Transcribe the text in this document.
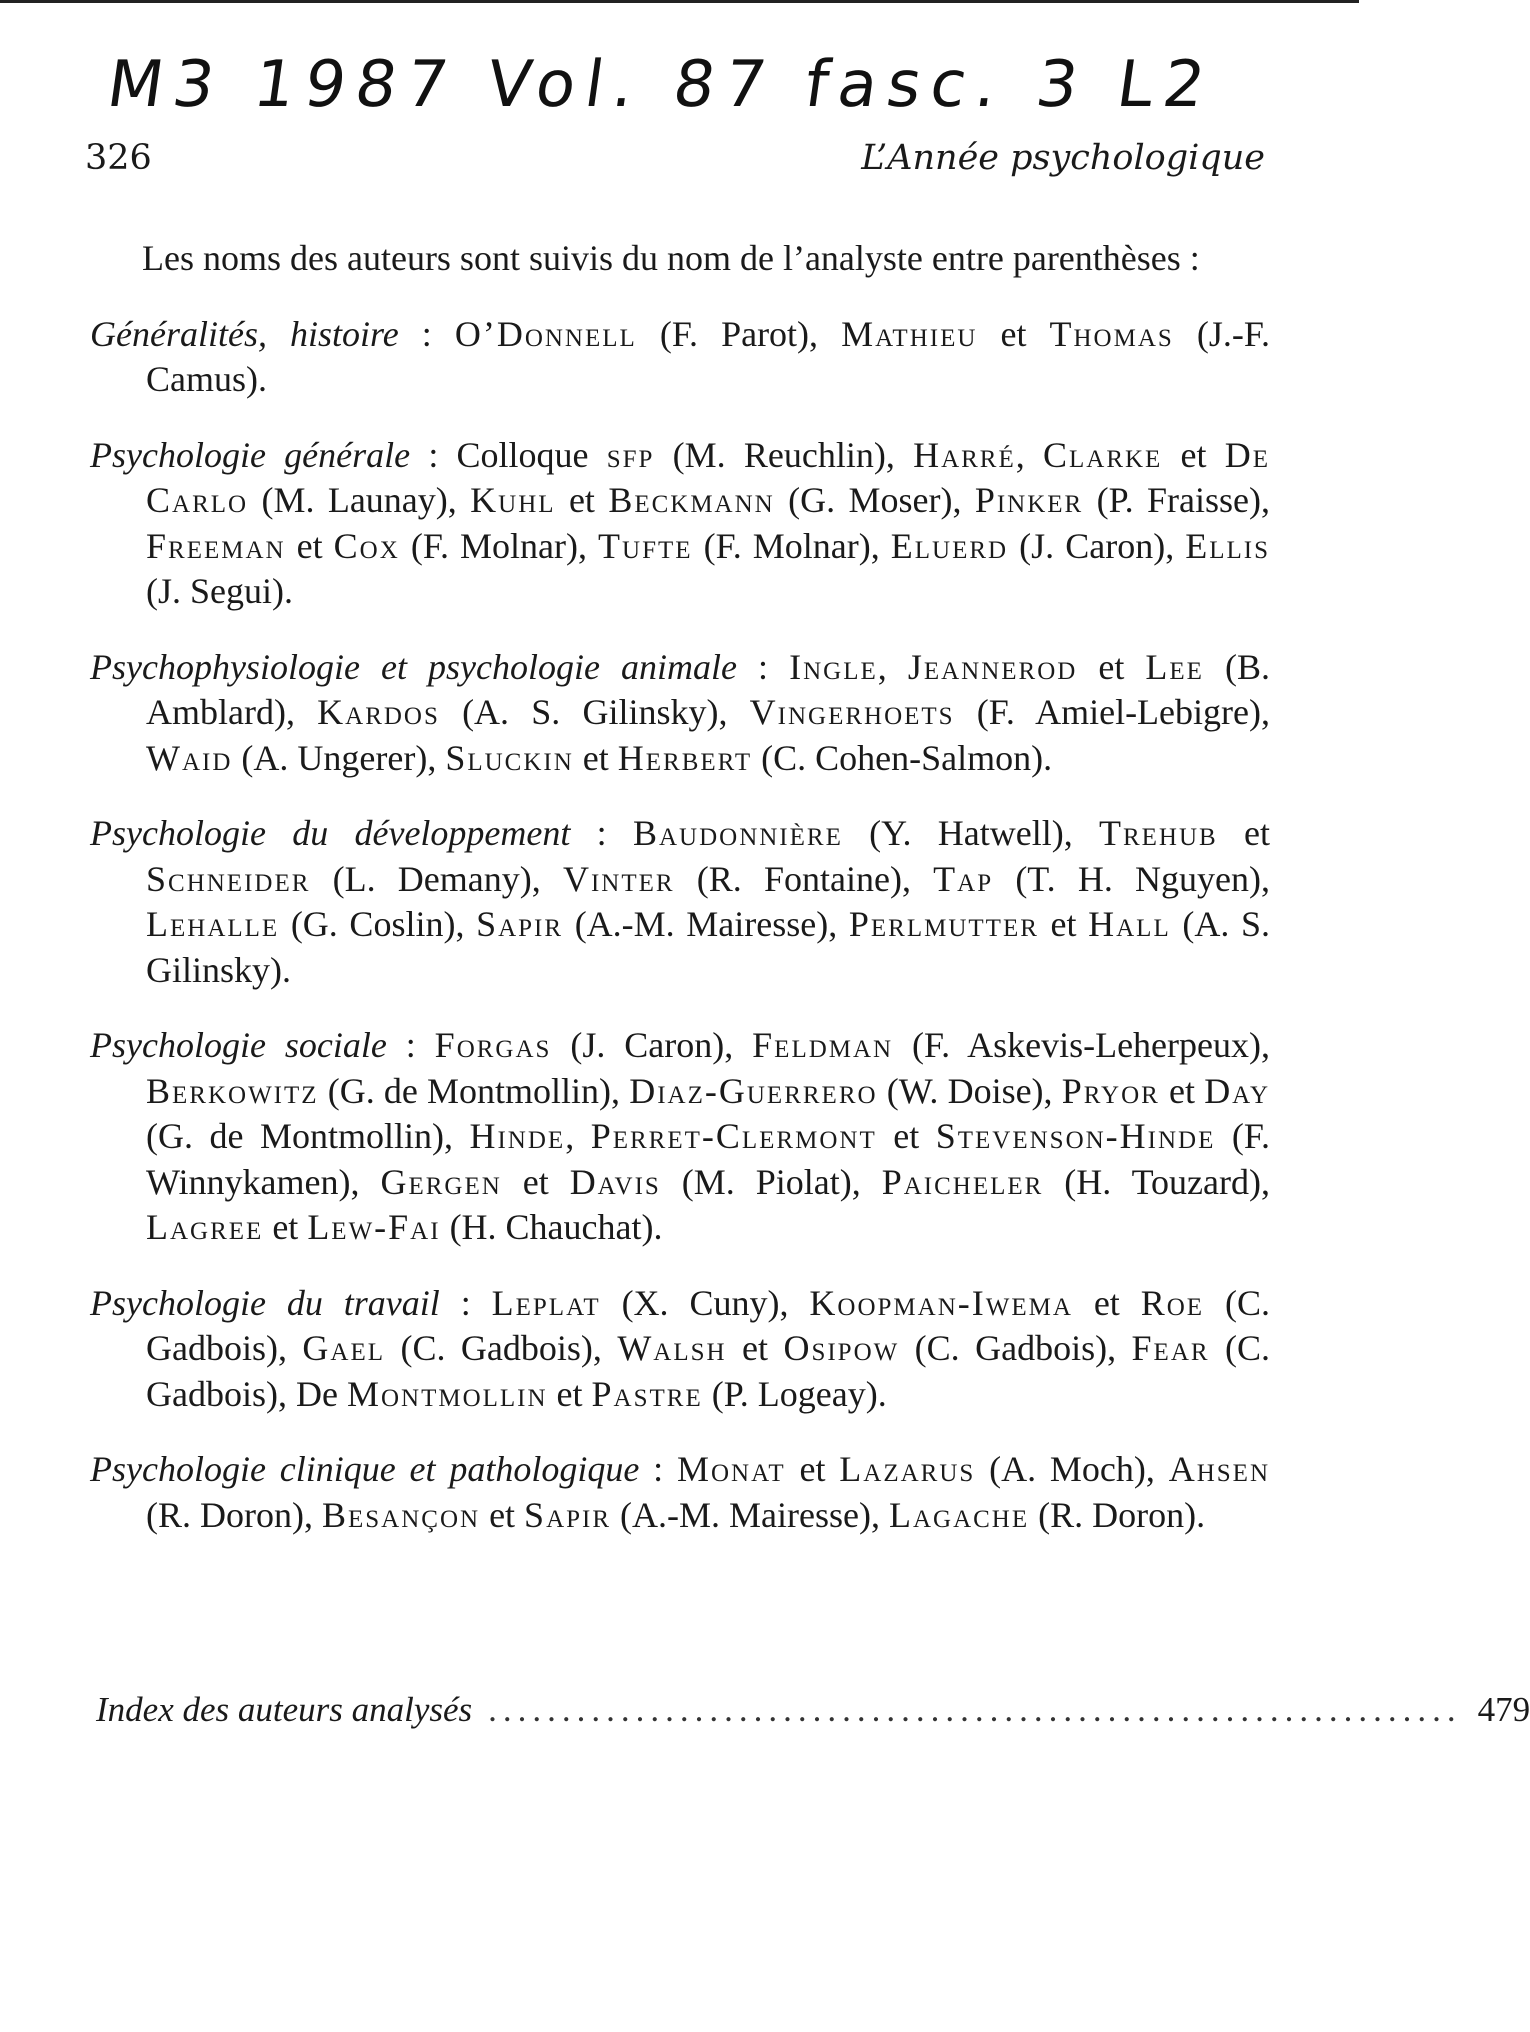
M3 1987 Vol. 87 fasc. 3 L2
326	L’Année psychologique

Les noms des auteurs sont suivis du nom de l’analyste entre parenthèses :

Généralités, histoire : O’Donnell (F. Parot), Mathieu et Thomas (J.-F. Camus).

Psychologie générale : Colloque sfp (M. Reuchlin), Harré, Clarke et De Carlo (M. Launay), Kuhl et Beckmann (G. Moser), Pinker (P. Fraisse), Freeman et Cox (F. Molnar), Tufte (F. Molnar), Eluerd (J. Caron), Ellis (J. Segui).

Psychophysiologie et psychologie animale : Ingle, Jeannerod et Lee (B. Amblard), Kardos (A. S. Gilinsky), Vingerhoets (F. Amiel-Lebigre), Waid (A. Ungerer), Sluckin et Herbert (C. Cohen-Salmon).

Psychologie du développement : Baudonnière (Y. Hatwell), Trehub et Schneider (L. Demany), Vinter (R. Fontaine), Tap (T. H. Nguyen), Lehalle (G. Coslin), Sapir (A.-M. Mairesse), Perlmutter et Hall (A. S. Gilinsky).

Psychologie sociale : Forgas (J. Caron), Feldman (F. Askevis-Leherpeux), Berkowitz (G. de Montmollin), Diaz-Guerrero (W. Doise), Pryor et Day (G. de Montmollin), Hinde, Perret-Clermont et Stevenson-Hinde (F. Winnykamen), Gergen et Davis (M. Piolat), Paicheler (H. Touzard), Lagree et Lew-Fai (H. Chauchat).

Psychologie du travail : Leplat (X. Cuny), Koopman-Iwema et Roe (C. Gadbois), Gael (C. Gadbois), Walsh et Osipow (C. Gadbois), Fear (C. Gadbois), De Montmollin et Pastre (P. Logeay).

Psychologie clinique et pathologique : Monat et Lazarus (A. Moch), Ahsen (R. Doron), Besançon et Sapir (A.-M. Mairesse), Lagache (R. Doron).

Index des auteurs analysés .................................................................. 479
